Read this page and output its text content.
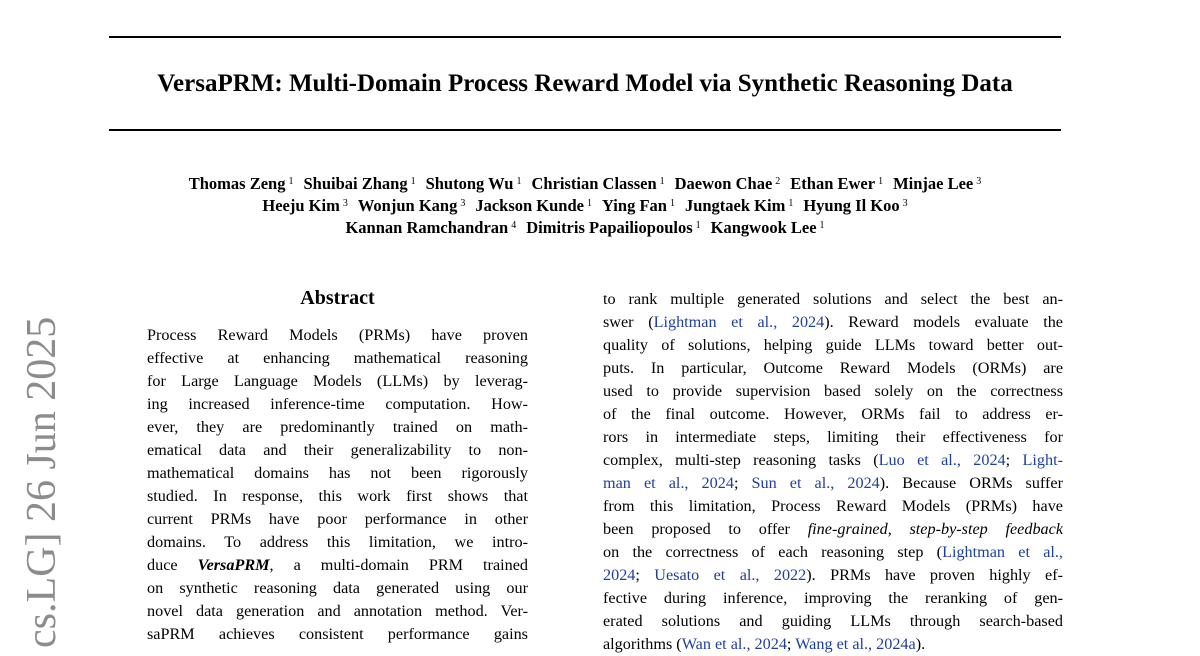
VersaPRM: Multi-Domain Process Reward Model via Synthetic Reasoning Data
Thomas Zeng $^1$ Shuibai Zhang $^1$ Shutong Wu $^1$ Christian Classen $^1$ Daewon Chae $^2$ Ethan Ewer $^1$ Minjae Lee $^3$
Heeju Kim $^3$ Wonjun Kang $^3$ Jackson Kunde $^1$ Ying Fan $^1$ Jungtaek Kim $^1$ Hyung Il Koo $^3$
Kannan Ramchandran $^4$ Dimitris Papailiopoulos $^1$ Kangwook Lee $^1$
cs.LG] 26 Jun 2025
Abstract
Process Reward Models (PRMs) have proven
effective at enhancing mathematical reasoning
for Large Language Models (LLMs) by leverag-
ing increased inference-time computation. How-
ever, they are predominantly trained on math-
ematical data and their generalizability to non-
mathematical domains has not been rigorously
studied. In response, this work first shows that
current PRMs have poor performance in other
domains. To address this limitation, we intro-
duce VersaPRM, a multi-domain PRM trained
on synthetic reasoning data generated using our
novel data generation and annotation method. Ver-
saPRM achieves consistent performance gains
to rank multiple generated solutions and select the best an-
swer (Lightman et al., 2024). Reward models evaluate the
quality of solutions, helping guide LLMs toward better out-
puts. In particular, Outcome Reward Models (ORMs) are
used to provide supervision based solely on the correctness
of the final outcome. However, ORMs fail to address er-
rors in intermediate steps, limiting their effectiveness for
complex, multi-step reasoning tasks (Luo et al., 2024; Light-
man et al., 2024; Sun et al., 2024). Because ORMs suffer
from this limitation, Process Reward Models (PRMs) have
been proposed to offer fine-grained, step-by-step feedback
on the correctness of each reasoning step (Lightman et al.,
2024; Uesato et al., 2022). PRMs have proven highly ef-
fective during inference, improving the reranking of gen-
erated solutions and guiding LLMs through search-based
algorithms (Wan et al., 2024; Wang et al., 2024a).
